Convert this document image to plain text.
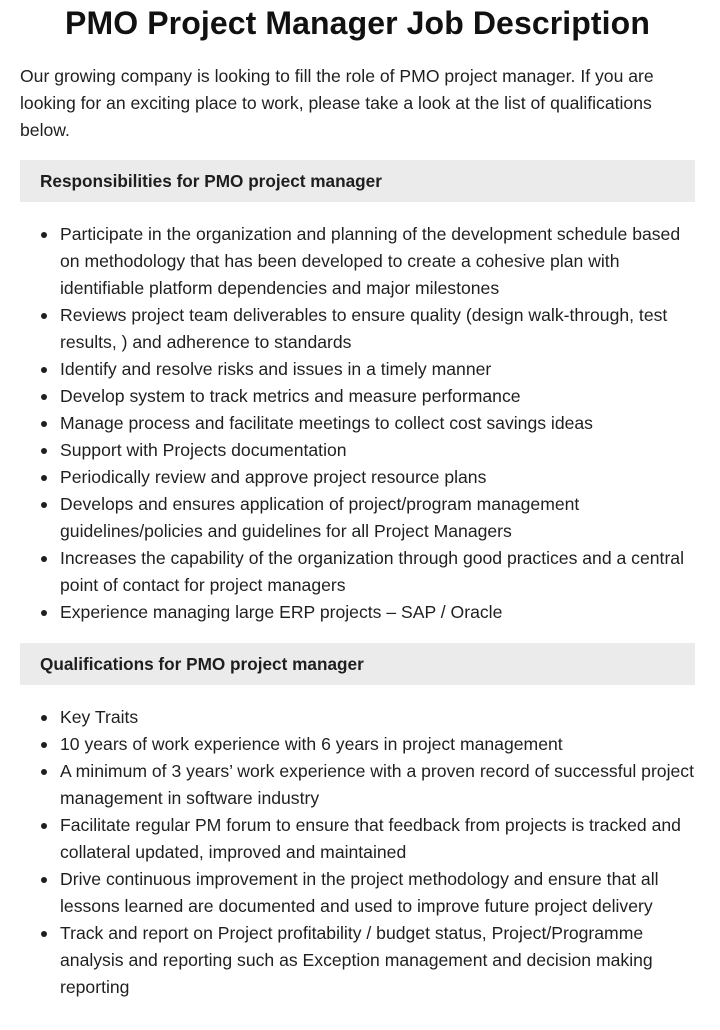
PMO Project Manager Job Description

Our growing company is looking to fill the role of PMO project manager. If you are looking for an exciting place to work, please take a look at the list of qualifications below.

Responsibilities for PMO project manager
Participate in the organization and planning of the development schedule based on methodology that has been developed to create a cohesive plan with identifiable platform dependencies and major milestones
Reviews project team deliverables to ensure quality (design walk-through, test results, ) and adherence to standards
Identify and resolve risks and issues in a timely manner
Develop system to track metrics and measure performance
Manage process and facilitate meetings to collect cost savings ideas
Support with Projects documentation
Periodically review and approve project resource plans
Develops and ensures application of project/program management guidelines/policies and guidelines for all Project Managers
Increases the capability of the organization through good practices and a central point of contact for project managers
Experience managing large ERP projects – SAP / Oracle
Qualifications for PMO project manager
Key Traits
10 years of work experience with 6 years in project management
A minimum of 3 years’ work experience with a proven record of successful project management in software industry
Facilitate regular PM forum to ensure that feedback from projects is tracked and collateral updated, improved and maintained
Drive continuous improvement in the project methodology and ensure that all lessons learned are documented and used to improve future project delivery
Track and report on Project profitability / budget status, Project/Programme analysis and reporting such as Exception management and decision making reporting
